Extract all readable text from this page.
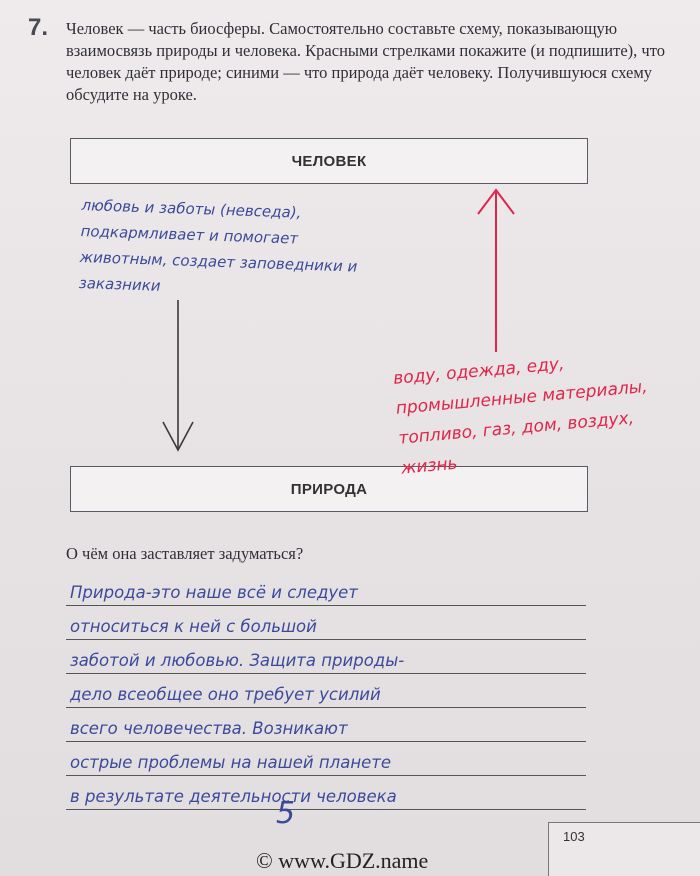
7. Человек — часть биосферы. Самостоятельно составьте схему, показывающую взаимосвязь природы и человека. Красными стрелками покажите (и подпишите), что человек даёт природе; синими — что природа даёт человеку. Получившуюся схему обсудите на уроке.

ЧЕЛОВЕК
ПРИРОДА

любовь и заботы (невседа), подкармливает и помогает животным, создает заповедники и заказники

воду, одежда, еду, промышленные материалы, топливо, газ, дом, воздух, жизнь

О чём она заставляет задуматься?

Природа-это наше всё и следует
относиться к ней с большой
заботой и любовью. Защита природы-
дело всеобщее оно требует усилий
всего человечества. Возникают
острые проблемы на нашей планете
в результате деятельности человека
5
103
© www.GDZ.name
